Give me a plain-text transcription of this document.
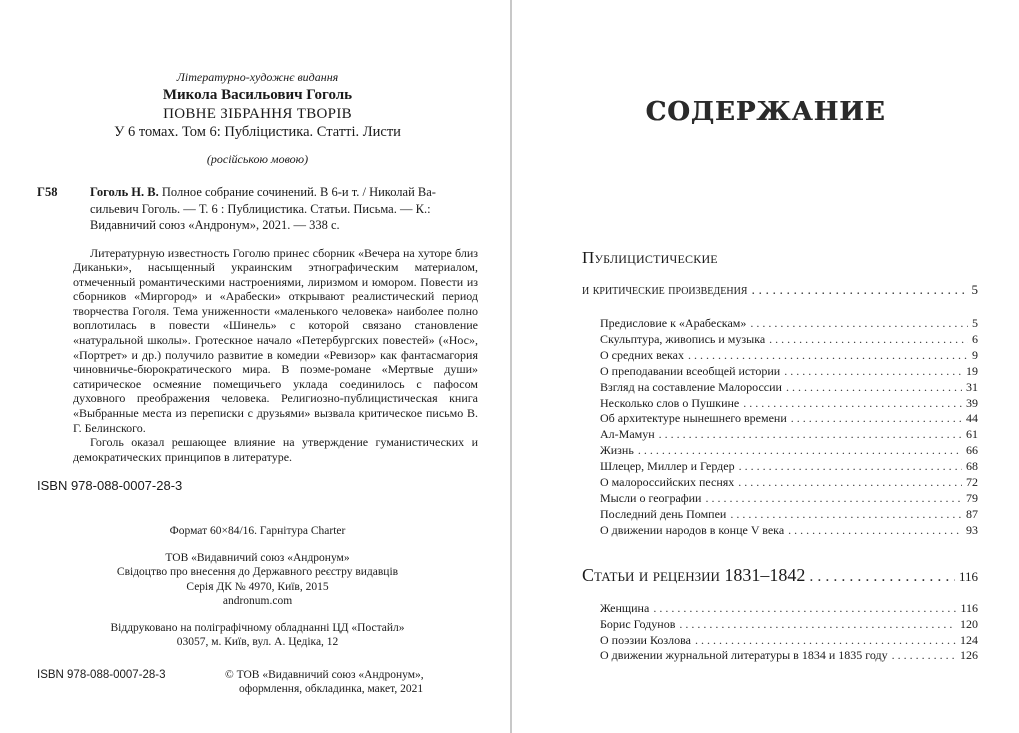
Літературно-художнє видання
Микола Васильович Гоголь
ПОВНЕ ЗІБРАННЯ ТВОРІВ
У 6 томах. Том 6: Публіцистика. Статті. Листи
(російською мовою)
Г58	Гоголь Н. В. Полное собрание сочинений. В 6-и т. / Николай Ва-
сильевич Гоголь. — Т. 6 : Публицистика. Статьи. Письма. — К.:
Видавничий союз «Андронум», 2021. — 338 с.

Литературную известность Гоголю принес сборник «Вечера на хуторе близ Диканьки», насыщенный украинским этнографическим материалом, отмеченный романтическими настроениями, лиризмом и юмором. Повести из сборников «Миргород» и «Арабески» открывают реалистический период творчества Гоголя. Тема униженности «маленького человека» наиболее полно воплотилась в повести «Шинель» с которой связано становление «натуральной школы». Гротескное начало «Петербургских повестей» («Нос», «Портрет» и др.) получило развитие в комедии «Ревизор» как фантасмагория чиновничье-бюрократического мира. В поэме-романе «Мертвые души» сатирическое осмеяние помещичьего уклада соединилось с пафосом духовного преображения человека. Религиозно-публицистическая книга «Выбранные места из переписки с друзьями» вызвала критическое письмо В. Г. Белинского.

Гоголь оказал решающее влияние на утверждение гуманистических и демократических принципов в литературе.

ISBN 978-088-0007-28-3
Формат 60×84/16. Гарнітура Charter
ТОВ «Видавничий союз «Андронум»
Свідоцтво про внесення до Державного реєстру видавців
Серія ДК № 4970, Київ, 2015
andronum.com
Віддруковано на поліграфічному обладнанні ЦД «Постайл»
03057, м. Київ, вул. А. Цедіка, 12
ISBN 978-088-0007-28-3	© ТОВ «Видавничий союз «Андронум»,
оформлення, обкладинка, макет, 2021
СОДЕРЖАНИЕ
Публицистические
и критические произведения . . .	5
Предисловие к «Арабескам» . . .	5
Скульптура, живопись и музыка . . .	6
О средних веках . . .	9
О преподавании всеобщей истории . . .	19
Взгляд на составление Малороссии . . .	31
Несколько слов о Пушкине . . .	39
Об архитектуре нынешнего времени . . .	44
Ал-Мамун . . .	61
Жизнь . . .	66
Шлецер, Миллер и Гердер . . .	68
О малороссийских песнях . . .	72
Мысли о географии . . .	79
Последний день Помпеи . . .	87
О движении народов в конце V века . . .	93
Статьи и рецензии 1831–1842 . . .	116
Женщина . . .	116
Борис Годунов . . .	120
О поэзии Козлова . . .	124
О движении журнальной литературы в 1834 и 1835 году . . .	126
